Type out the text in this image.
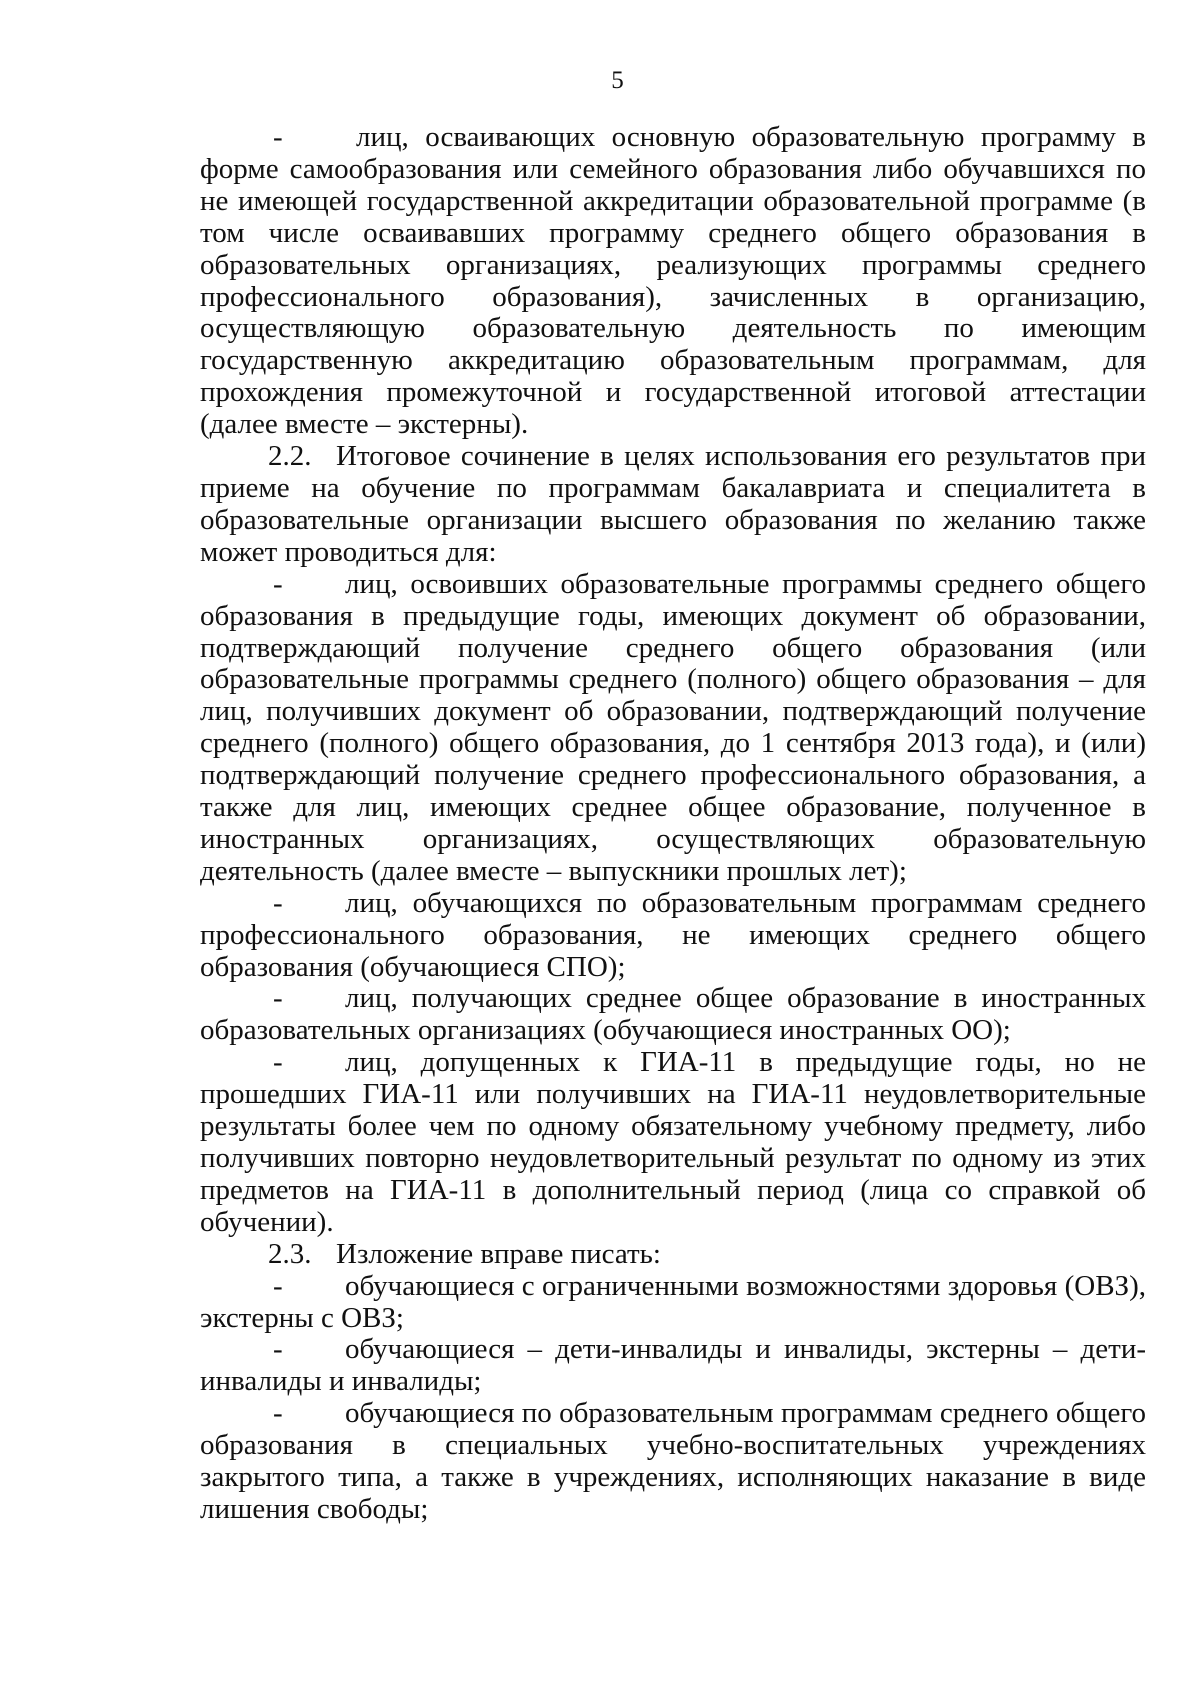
5

-	лиц, осваивающих основную образовательную программу в форме самообразования или семейного образования либо обучавшихся по не имеющей государственной аккредитации образовательной программе (в том числе осваивавших программу среднего общего образования в образовательных организациях, реализующих программы среднего профессионального образования), зачисленных в организацию, осуществляющую образовательную деятельность по имеющим государственную аккредитацию образовательным программам, для прохождения промежуточной и государственной итоговой аттестации (далее вместе – экстерны).

2.2. Итоговое сочинение в целях использования его результатов при приеме на обучение по программам бакалавриата и специалитета в образовательные организации высшего образования по желанию также может проводиться для:

- лиц, освоивших образовательные программы среднего общего образования в предыдущие годы, имеющих документ об образовании, подтверждающий получение среднего общего образования (или образовательные программы среднего (полного) общего образования – для лиц, получивших документ об образовании, подтверждающий получение среднего (полного) общего образования, до 1 сентября 2013 года), и (или) подтверждающий получение среднего профессионального образования, а также для лиц, имеющих среднее общее образование, полученное в иностранных организациях, осуществляющих образовательную деятельность (далее вместе – выпускники прошлых лет);

- лиц, обучающихся по образовательным программам среднего профессионального образования, не имеющих среднего общего образования (обучающиеся СПО);

- лиц, получающих среднее общее образование в иностранных образовательных организациях (обучающиеся иностранных ОО);

- лиц, допущенных к ГИА-11 в предыдущие годы, но не прошедших ГИА-11 или получивших на ГИА-11 неудовлетворительные результаты более чем по одному обязательному учебному предмету, либо получивших повторно неудовлетворительный результат по одному из этих предметов на ГИА-11 в дополнительный период (лица со справкой об обучении).

2.3. Изложение вправе писать:

- обучающиеся с ограниченными возможностями здоровья (ОВЗ), экстерны с ОВЗ;

- обучающиеся – дети-инвалиды и инвалиды, экстерны – дети-инвалиды и инвалиды;

- обучающиеся по образовательным программам среднего общего образования в специальных учебно-воспитательных учреждениях закрытого типа, а также в учреждениях, исполняющих наказание в виде лишения свободы;
